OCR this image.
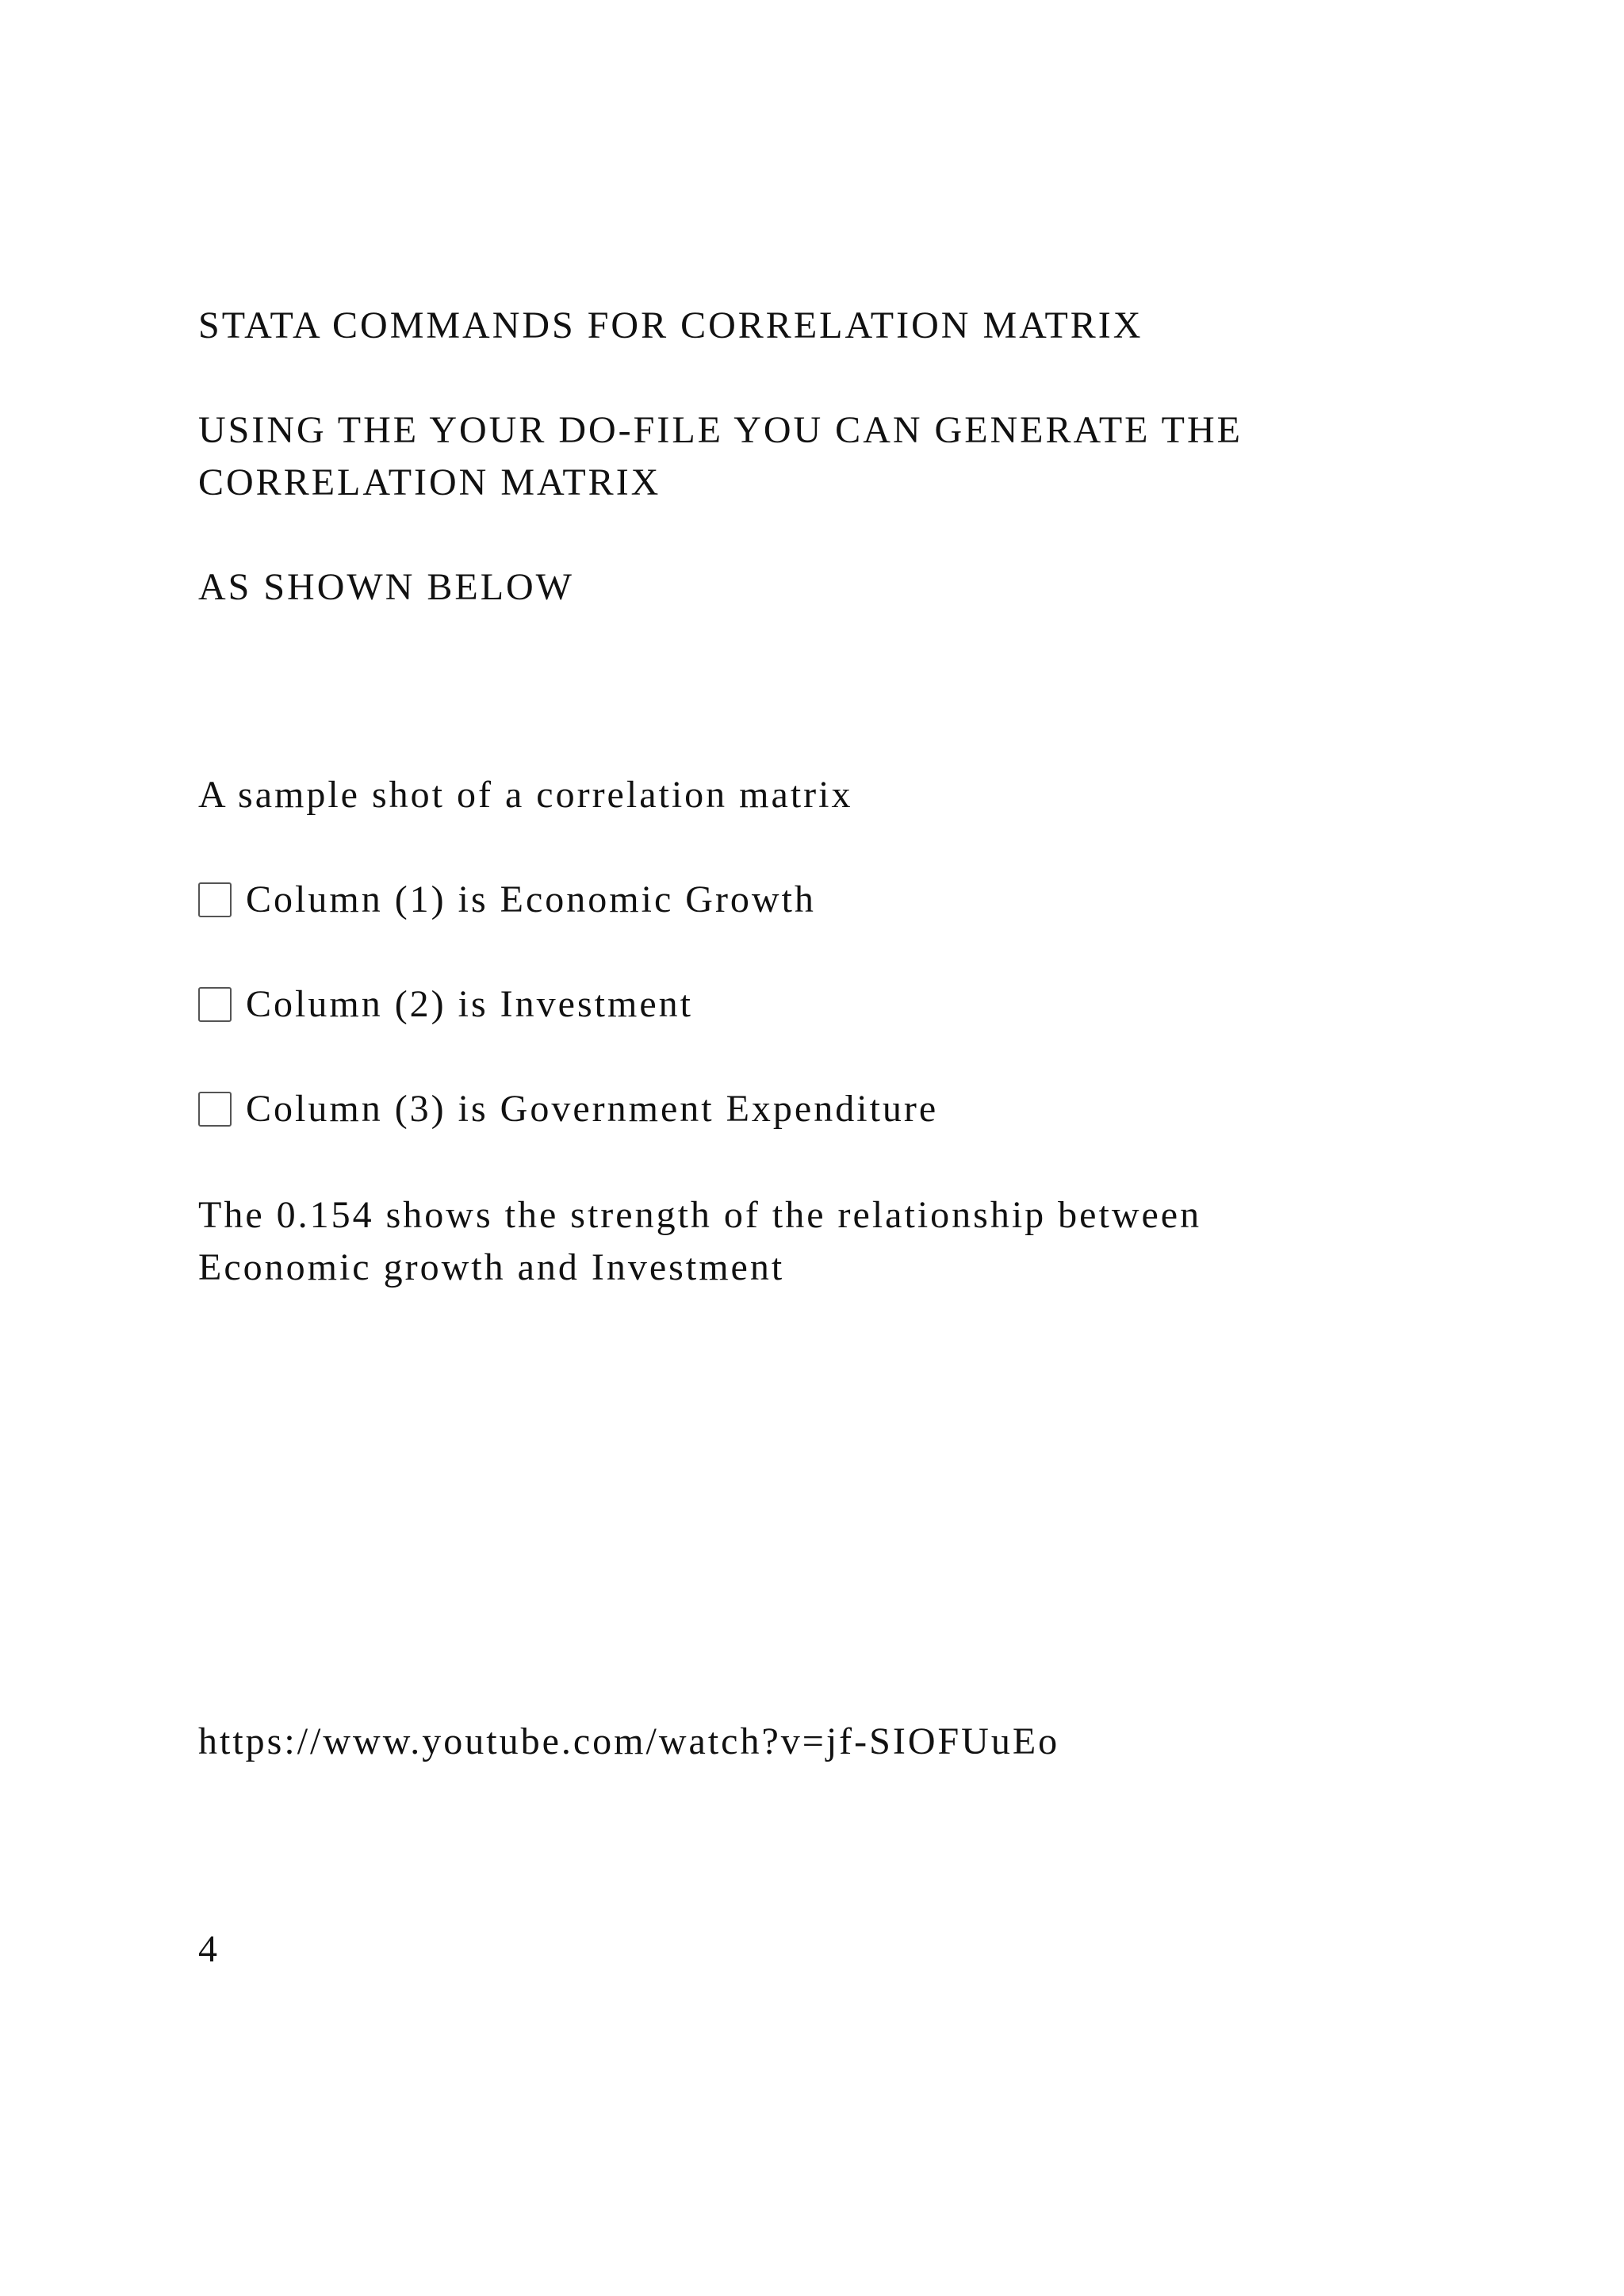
STATA COMMANDS FOR CORRELATION MATRIX

USING THE YOUR DO-FILE YOU CAN GENERATE THE

CORRELATION MATRIX

AS SHOWN BELOW

A sample shot of a correlation matrix

Column (1) is Economic Growth

Column (2) is Investment

Column (3) is Government Expenditure

The 0.154 shows the strength of the relationship between

Economic growth and Investment

https://www.youtube.com/watch?v=jf-SIOFUuEo

4
